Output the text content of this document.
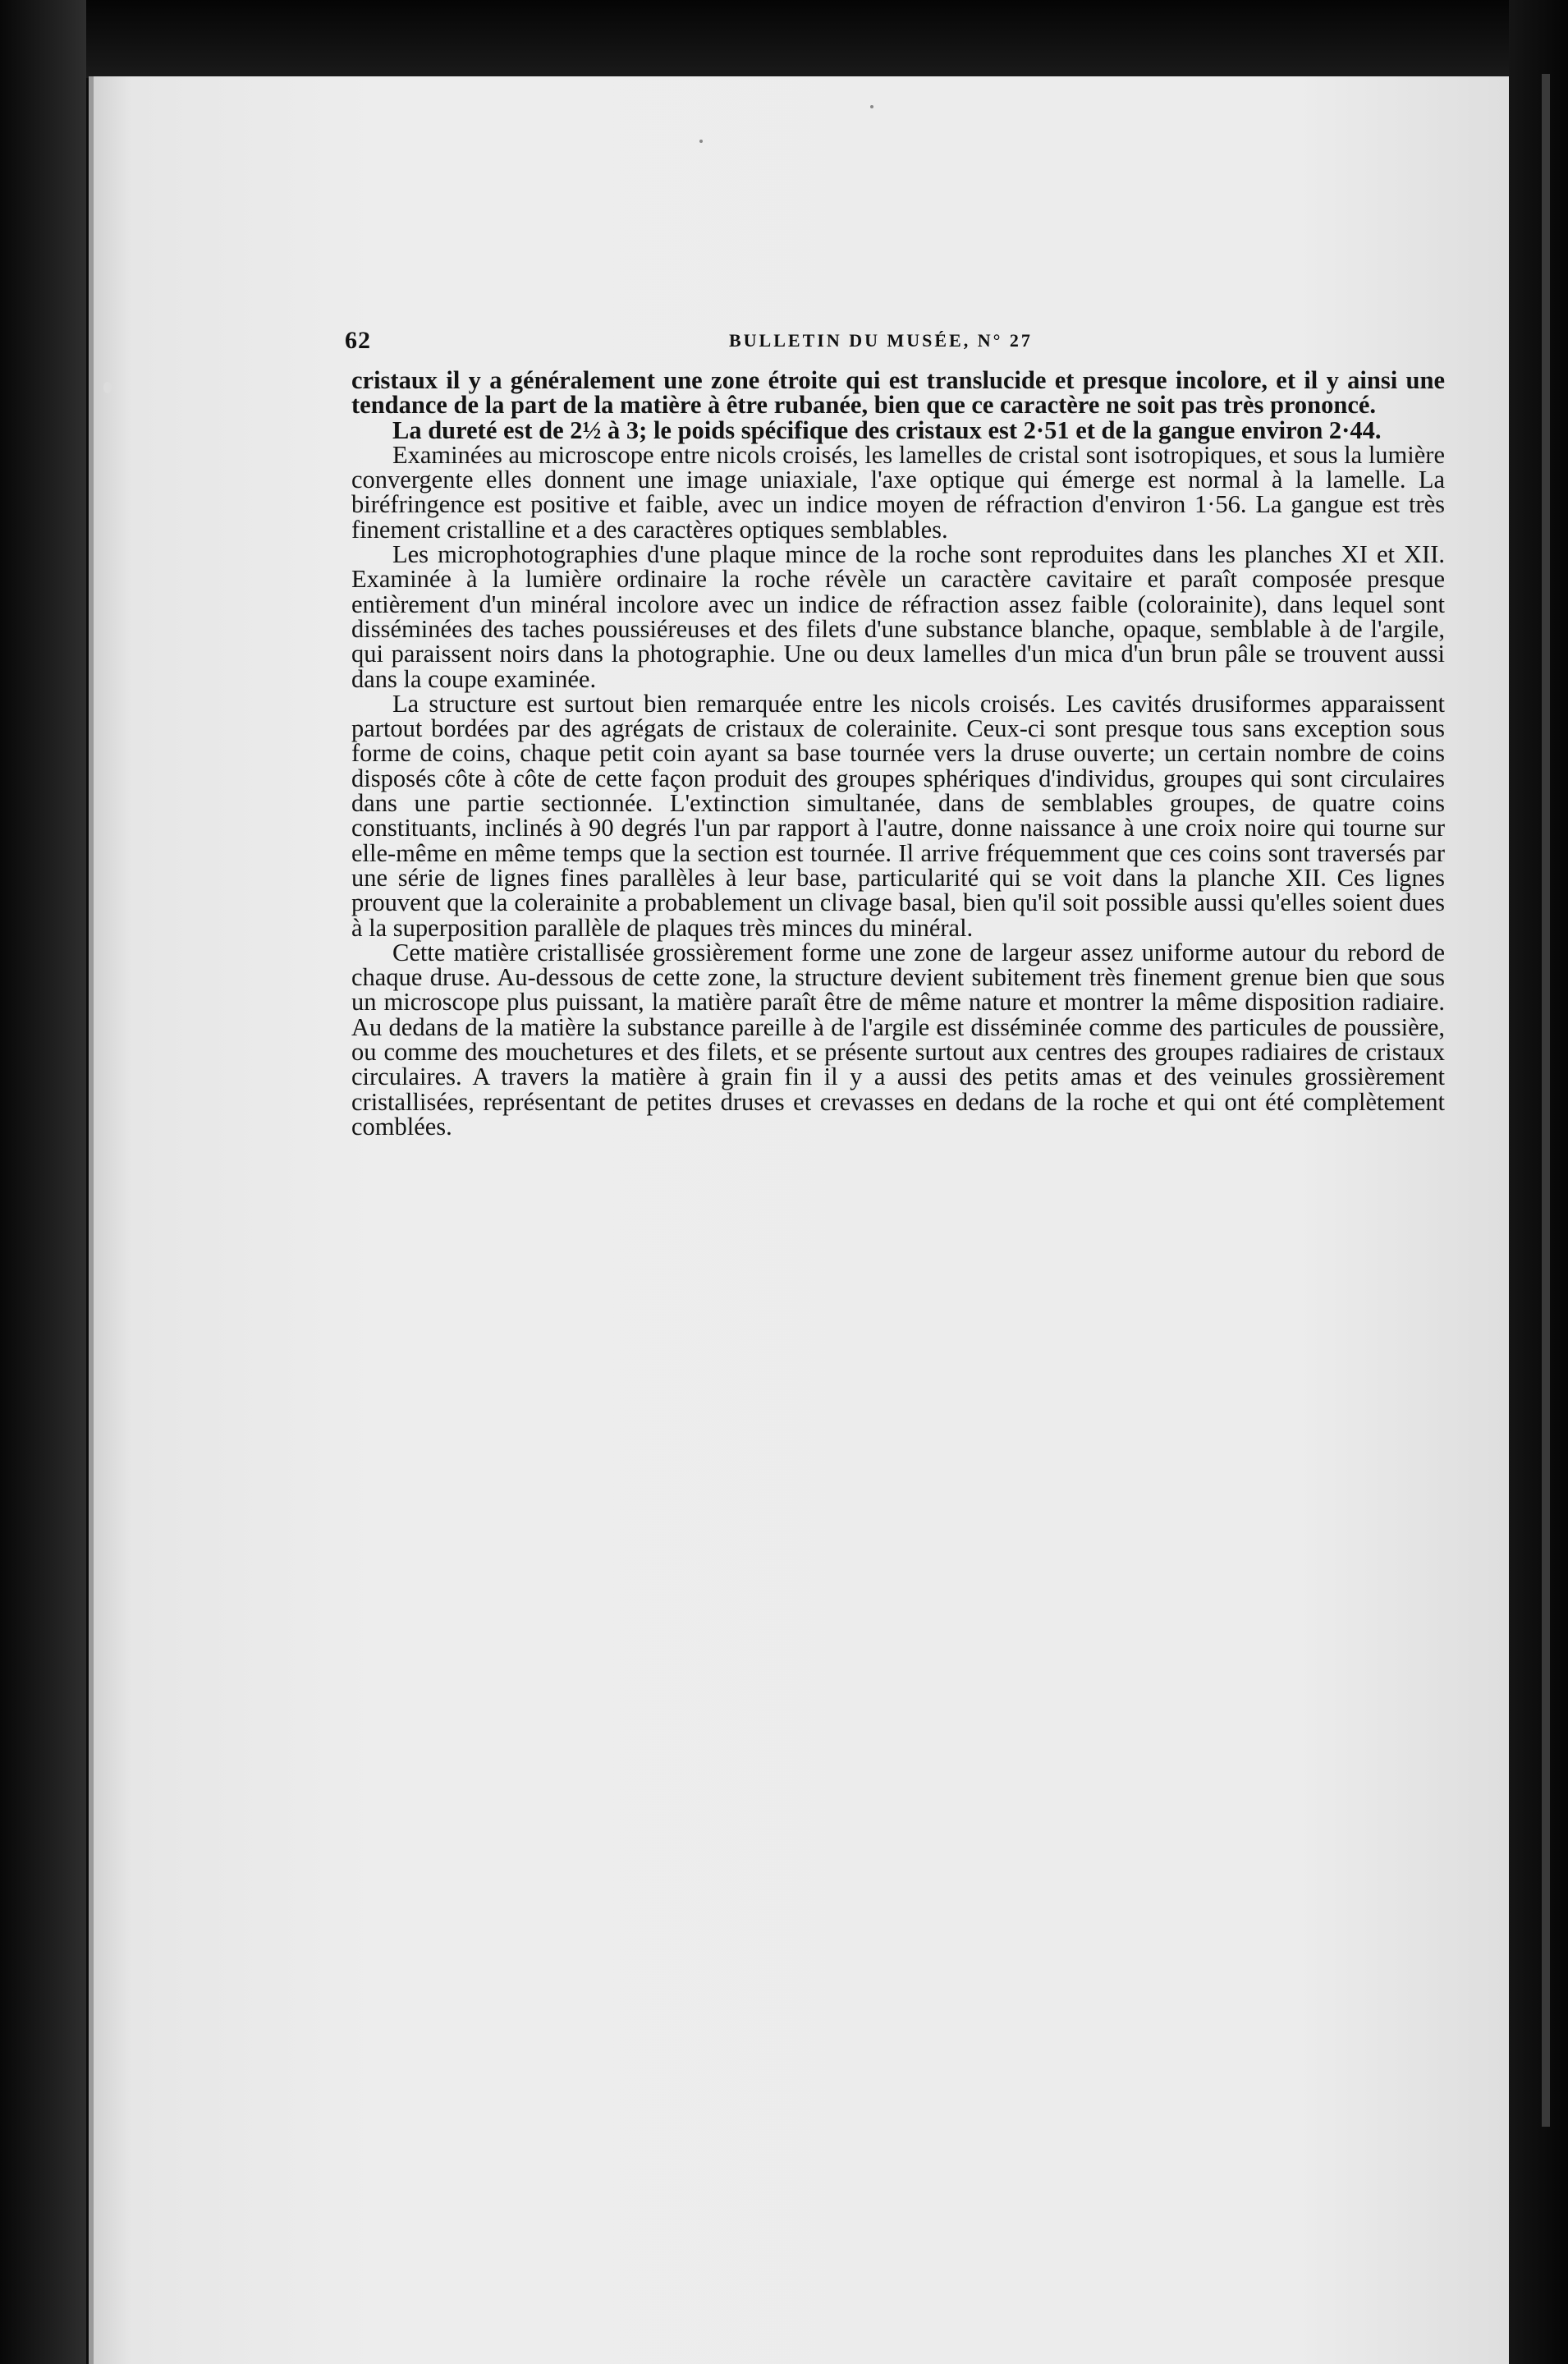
62	BULLETIN DU MUSÉE, N° 27

cristaux il y a généralement une zone étroite qui est translucide et presque incolore, et il y ainsi une tendance de la part de la matière à être rubanée, bien que ce caractère ne soit pas très prononcé.

La dureté est de 2½ à 3; le poids spécifique des cristaux est 2·51 et de la gangue environ 2·44.

Examinées au microscope entre nicols croisés, les lamelles de cristal sont isotropiques, et sous la lumière convergente elles donnent une image uniaxiale, l'axe optique qui émerge est normal à la lamelle. La biréfringence est positive et faible, avec un indice moyen de réfraction d'environ 1·56. La gangue est très finement cristalline et a des caractères optiques semblables.

Les microphotographies d'une plaque mince de la roche sont reproduites dans les planches XI et XII. Examinée à la lumière ordinaire la roche révèle un caractère cavitaire et paraît composée presque entièrement d'un minéral incolore avec un indice de réfraction assez faible (colorainite), dans lequel sont disséminées des taches poussiéreuses et des filets d'une substance blanche, opaque, semblable à de l'argile, qui paraissent noirs dans la photographie. Une ou deux lamelles d'un mica d'un brun pâle se trouvent aussi dans la coupe examinée.

La structure est surtout bien remarquée entre les nicols croisés. Les cavités drusiformes apparaissent partout bordées par des agrégats de cristaux de colerainite. Ceux-ci sont presque tous sans exception sous forme de coins, chaque petit coin ayant sa base tournée vers la druse ouverte; un certain nombre de coins disposés côte à côte de cette façon produit des groupes sphériques d'individus, groupes qui sont circulaires dans une partie sectionnée. L'extinction simultanée, dans de semblables groupes, de quatre coins constituants, inclinés à 90 degrés l'un par rapport à l'autre, donne naissance à une croix noire qui tourne sur elle-même en même temps que la section est tournée. Il arrive fréquemment que ces coins sont traversés par une série de lignes fines parallèles à leur base, particularité qui se voit dans la planche XII. Ces lignes prouvent que la colerainite a probablement un clivage basal, bien qu'il soit possible aussi qu'elles soient dues à la superposition parallèle de plaques très minces du minéral.

Cette matière cristallisée grossièrement forme une zone de largeur assez uniforme autour du rebord de chaque druse. Au-dessous de cette zone, la structure devient subitement très finement grenue bien que sous un microscope plus puissant, la matière paraît être de même nature et montrer la même disposition radiaire. Au dedans de la matière la substance pareille à de l'argile est disséminée comme des particules de poussière, ou comme des mouchetures et des filets, et se présente surtout aux centres des groupes radiaires de cristaux circulaires. A travers la matière à grain fin il y a aussi des petits amas et des veinules grossièrement cristallisées, représentant de petites druses et crevasses en dedans de la roche et qui ont été complètement comblées.
